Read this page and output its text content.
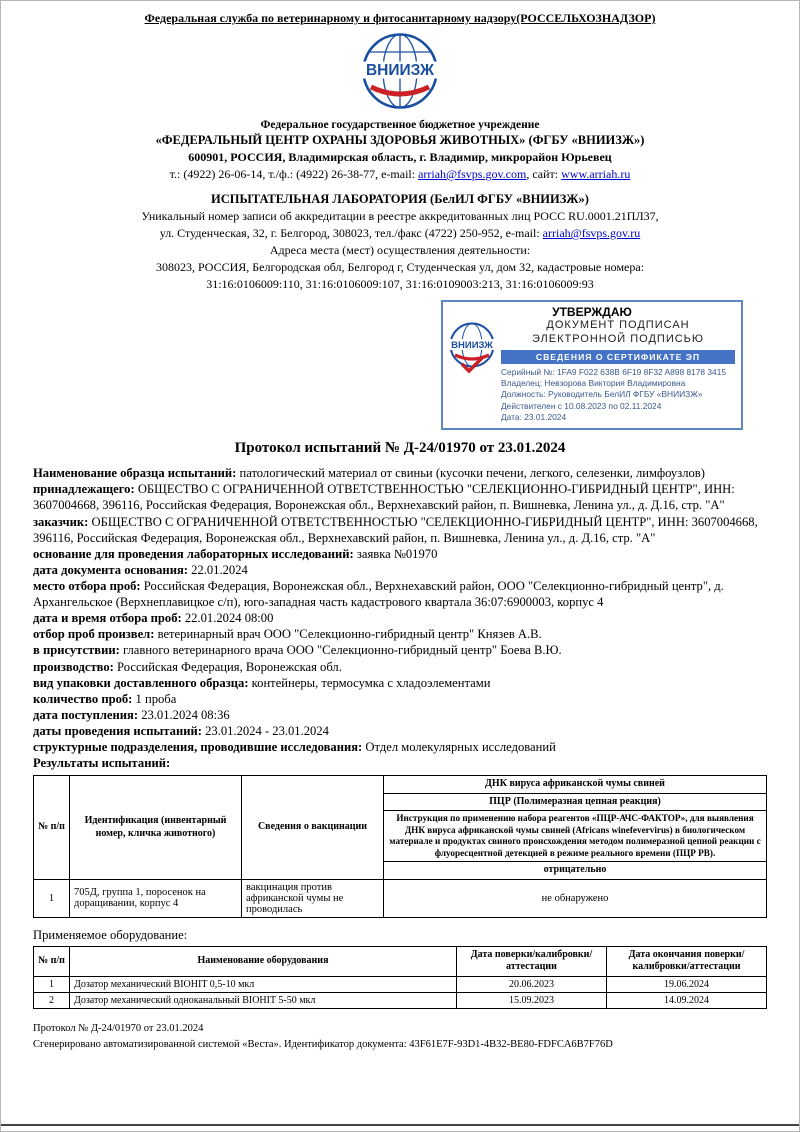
Федеральная служба по ветеринарному и фитосанитарному надзору(РОССЕЛЬХОЗНАДЗОР)
ВНИИЗЖ
Федеральное государственное бюджетное учреждение
«ФЕДЕРАЛЬНЫЙ ЦЕНТР ОХРАНЫ ЗДОРОВЬЯ ЖИВОТНЫХ» (ФГБУ «ВНИИЗЖ»)
600901, РОССИЯ, Владимирская область, г. Владимир, микрорайон Юрьевец
т.: (4922) 26-06-14, т./ф.: (4922) 26-38-77, e-mail: arriah@fsvps.gov.com, сайт: www.arriah.ru
ИСПЫТАТЕЛЬНАЯ ЛАБОРАТОРИЯ (БелИЛ ФГБУ «ВНИИЗЖ»)
Уникальный номер записи об аккредитации в реестре аккредитованных лиц РОСС RU.0001.21ПЛ37,
ул. Студенческая, 32, г. Белгород, 308023, тел./факс (4722) 250-952, e-mail: arriah@fsvps.gov.ru
Адреса места (мест) осуществления деятельности:
308023, РОССИЯ, Белгородская обл, Белгород г, Студенческая ул, дом 32, кадастровые номера:
31:16:0106009:110, 31:16:0106009:107, 31:16:0109003:213, 31:16:0106009:93
ВНИИЗЖ
УТВЕРЖДАЮ
ДОКУМЕНТ ПОДПИСАН
ЭЛЕКТРОННОЙ ПОДПИСЬЮ
СВЕДЕНИЯ О СЕРТИФИКАТЕ ЭП
Серийный №: 1FA9 F022 638B 6F19 8F32 A898 8178 3415
Владелец: Невзорова Виктория Владимировна
Должность: Руководитель БелИЛ ФГБУ «ВНИИЗЖ»
Действителен с 10.08.2023 по 02.11.2024
Дата: 23.01.2024
Протокол испытаний № Д-24/01970 от 23.01.2024

Наименование образца испытаний: патологический материал от свиньи (кусочки печени, легкого, селезенки, лимфоузлов)

принадлежащего: ОБЩЕСТВО С ОГРАНИЧЕННОЙ ОТВЕТСТВЕННОСТЬЮ "СЕЛЕКЦИОННО-ГИБРИДНЫЙ ЦЕНТР", ИНН: 3607004668, 396116, Российская Федерация, Воронежская обл., Верхнехавский район, п. Вишневка, Ленина ул., д. Д.16, стр. "А"

заказчик: ОБЩЕСТВО С ОГРАНИЧЕННОЙ ОТВЕТСТВЕННОСТЬЮ "СЕЛЕКЦИОННО-ГИБРИДНЫЙ ЦЕНТР", ИНН: 3607004668, 396116, Российская Федерация, Воронежская обл., Верхнехавский район, п. Вишневка, Ленина ул., д. Д.16, стр. "А"

основание для проведения лабораторных исследований: заявка №01970

дата документа основания: 22.01.2024

место отбора проб: Российская Федерация, Воронежская обл., Верхнехавский район, ООО "Селекционно-гибридный центр", д. Архангельское (Верхнеплавицкое с/п), юго-западная часть кадастрового квартала 36:07:6900003, корпус 4

дата и время отбора проб: 22.01.2024 08:00

отбор проб произвел: ветеринарный врач ООО "Селекционно-гибридный центр" Князев А.В.

в присутствии: главного ветеринарного врача ООО "Селекционно-гибридный центр" Боева В.Ю.

производство: Российская Федерация, Воронежская обл.

вид упаковки доставленного образца: контейнеры, термосумка с хладоэлементами

количество проб: 1 проба

дата поступления: 23.01.2024 08:36

даты проведения испытаний: 23.01.2024 - 23.01.2024

структурные подразделения, проводившие исследования: Отдел молекулярных исследований

Результаты испытаний:

№ п/п	Идентификация (инвентарный номер, кличка животного)	Сведения о вакцинации	ДНК вируса африканской чумы свиней
			ПЦР (Полимеразная цепная реакция)
			Инструкция по применению набора реагентов «ПЦР-АЧС-ФАКТОР», для выявления ДНК вируса африканской чумы свиней (Africans winefevervirus) в биологическом материале и продуктах свиного происхождения методом полимеразной цепной реакции с флуоресцентной детекцией в режиме реального времени (ПЦР РВ).
			отрицательно
1	705Д, группа 1, поросенок на доращивании, корпус 4	вакцинация против африканской чумы не проводилась	не обнаружено

Применяемое оборудование:

№ п/п	Наименование оборудования	Дата поверки/калибровки/аттестации	Дата окончания поверки/калибровки/аттестации
1	Дозатор механический BIOHIT 0,5-10 мкл	20.06.2023	19.06.2024
2	Дозатор механический одноканальный BIOHIT 5-50 мкл	15.09.2023	14.09.2024
Протокол № Д-24/01970 от 23.01.2024
Сгенерировано автоматизированной системой «Веста». Идентификатор документа: 43F61E7F-93D1-4B32-BE80-FDFCA6B7F76D
